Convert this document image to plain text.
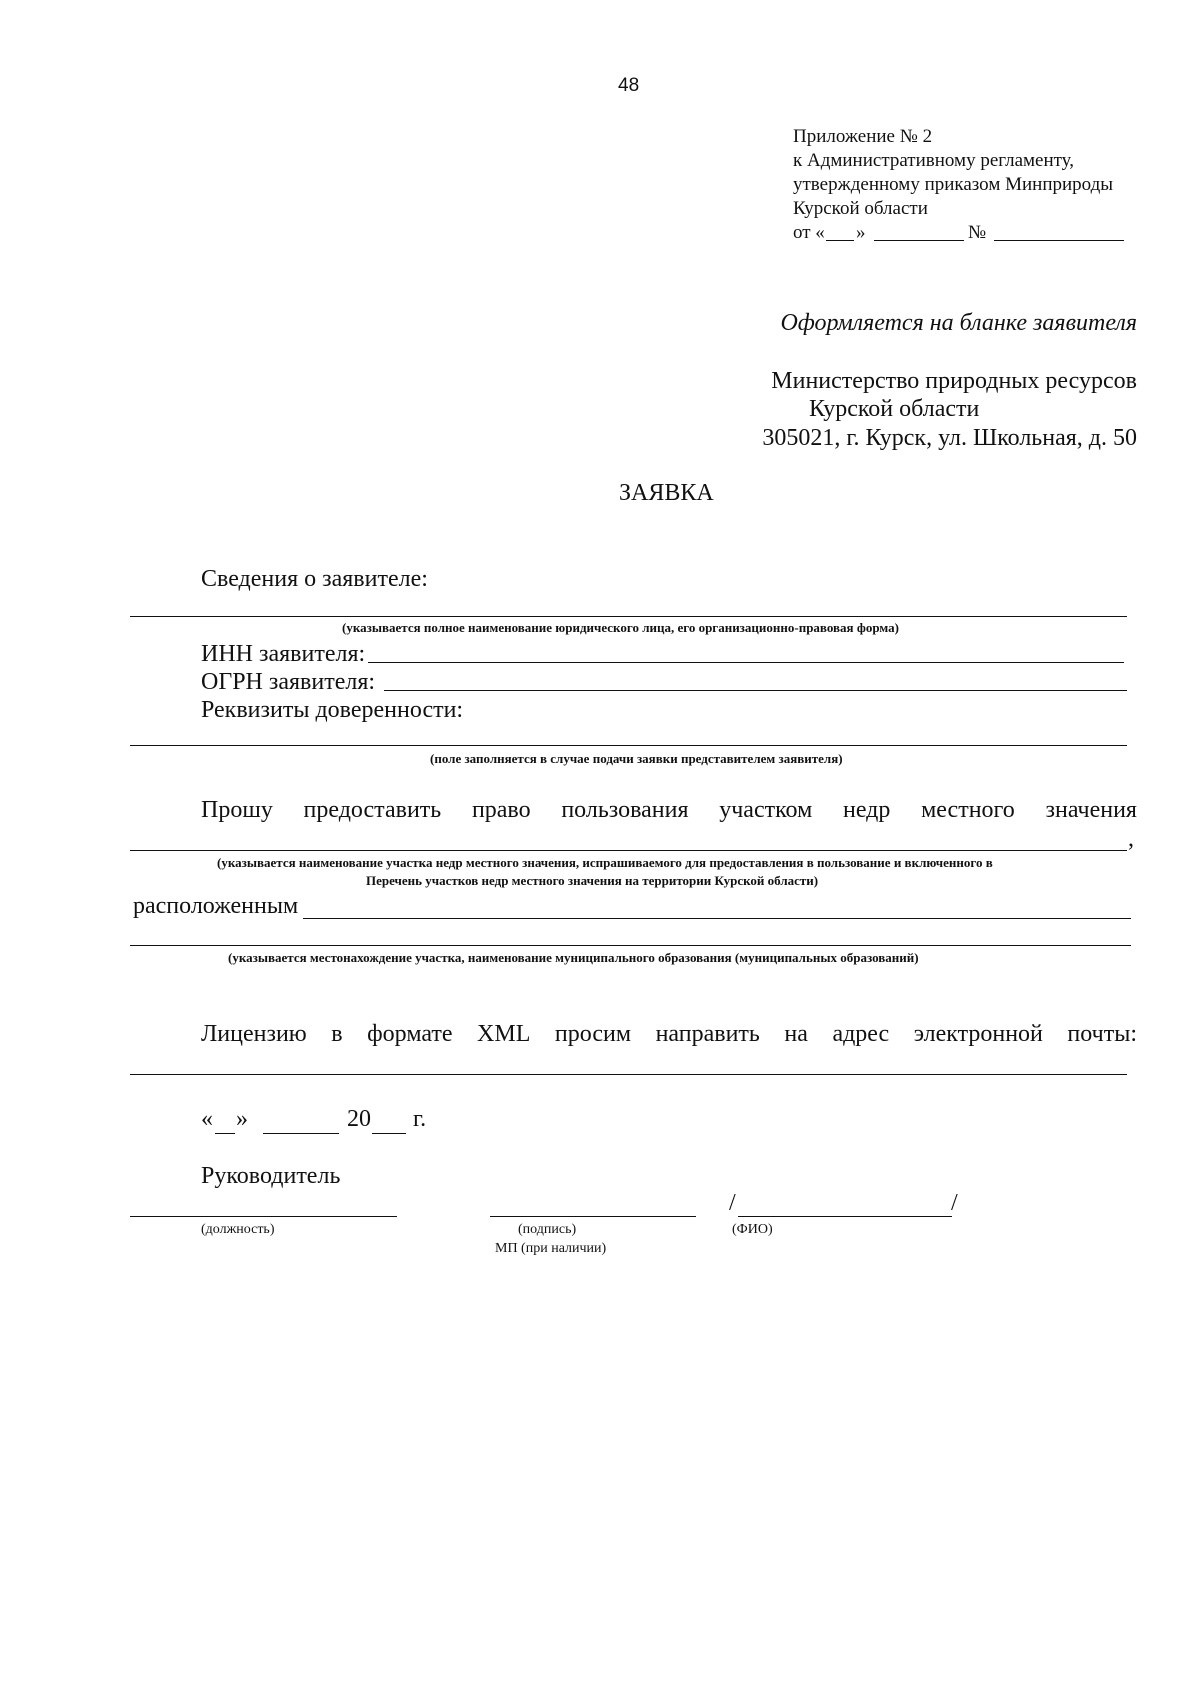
48
Приложение № 2
к Административному регламенту,
утвержденному приказом Минприроды
Курской области
от « »	№
Оформляется на бланке заявителя
Министерство природных ресурсов
Курской области
305021, г. Курск, ул. Школьная, д. 50
ЗАЯВКА
Сведения о заявителе:
(указывается полное наименование юридического лица, его организационно-правовая форма)
ИНН заявителя:
ОГРН заявителя:
Реквизиты доверенности:
(поле заполняется в случае подачи заявки представителем заявителя)
Прошу предоставить право пользования участком недр местного значения
,
(указывается наименование участка недр местного значения, испрашиваемого для предоставления в пользование и включенного в
Перечень участков недр местного значения на территории Курской области)
расположенным
(указывается местонахождение участка, наименование муниципального образования (муниципальных образований)
Лицензию в формате XML просим направить на адрес электронной почты:
« »	20 г.
Руководитель
(должность)	(подпись)
МП (при наличии)
/	/
(ФИО)
